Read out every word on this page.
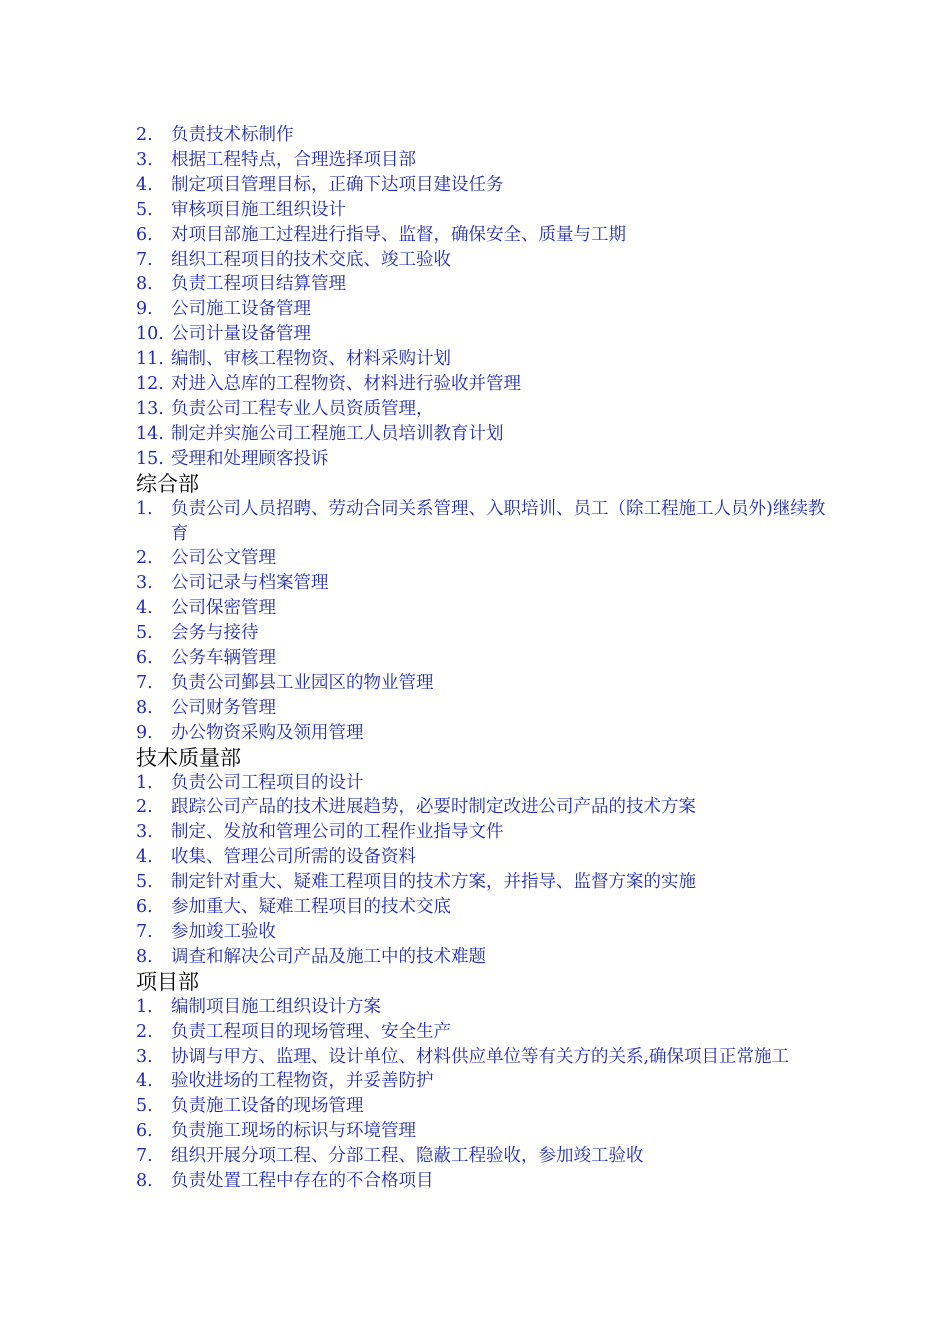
2.	负责技术标制作
3.	根据工程特点，合理选择项目部
4.	制定项目管理目标，正确下达项目建设任务
5.	审核项目施工组织设计
6.	对项目部施工过程进行指导、监督，确保安全、质量与工期
7.	组织工程项目的技术交底、竣工验收
8.	负责工程项目结算管理
9.	公司施工设备管理
10. 公司计量设备管理
11. 编制、审核工程物资、材料采购计划
12. 对进入总库的工程物资、材料进行验收并管理
13. 负责公司工程专业人员资质管理，
14. 制定并实施公司工程施工人员培训教育计划
15. 受理和处理顾客投诉
综合部
1.	负责公司人员招聘、劳动合同关系管理、入职培训、员工（除工程施工人员外)继续教育
2.	公司公文管理
3.	公司记录与档案管理
4.	公司保密管理
5.	会务与接待
6.	公务车辆管理
7.	负责公司鄞县工业园区的物业管理
8.	公司财务管理
9.	办公物资采购及领用管理
技术质量部
1.	负责公司工程项目的设计
2.	跟踪公司产品的技术进展趋势，必要时制定改进公司产品的技术方案
3.	制定、发放和管理公司的工程作业指导文件
4.	收集、管理公司所需的设备资料
5.	制定针对重大、疑难工程项目的技术方案，并指导、监督方案的实施
6.	参加重大、疑难工程项目的技术交底
7.	参加竣工验收
8.	调查和解决公司产品及施工中的技术难题
项目部
1.	编制项目施工组织设计方案
2.	负责工程项目的现场管理、安全生产
3.	协调与甲方、监理、设计单位、材料供应单位等有关方的关系,确保项目正常施工
4.	验收进场的工程物资，并妥善防护
5.	负责施工设备的现场管理
6.	负责施工现场的标识与环境管理
7.	组织开展分项工程、分部工程、隐蔽工程验收，参加竣工验收
8.	负责处置工程中存在的不合格项目
